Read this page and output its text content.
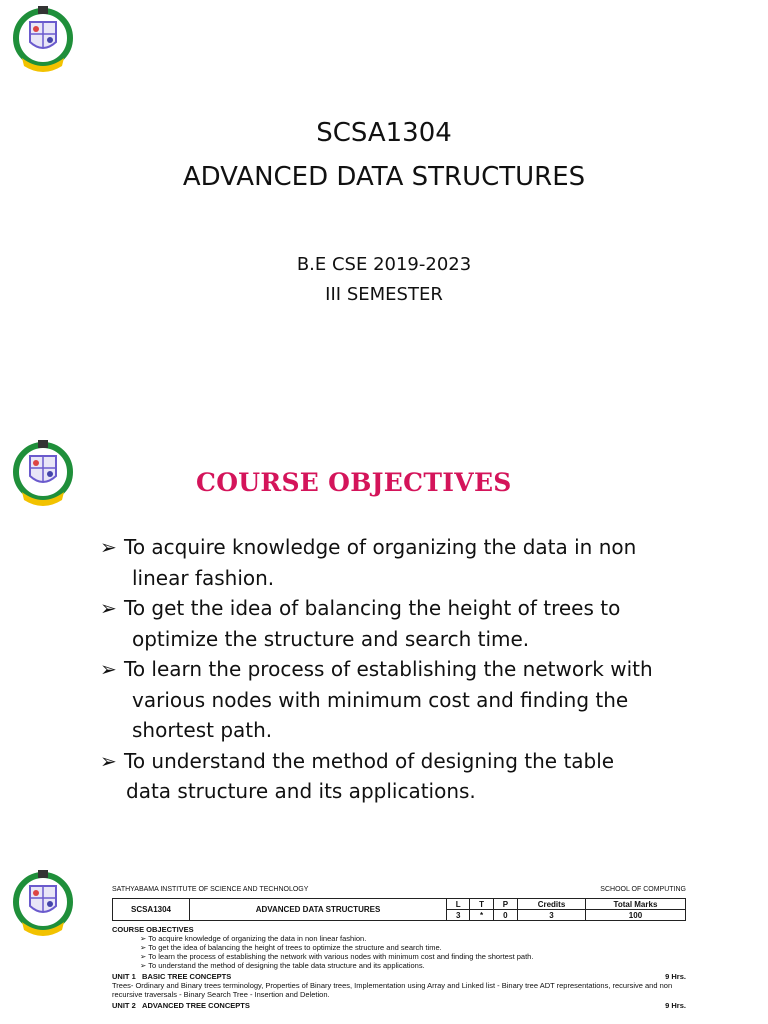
SCSA1304
ADVANCED DATA STRUCTURES
B.E CSE 2019-2023
III SEMESTER
COURSE OBJECTIVES
➢ To acquire knowledge of organizing the data in non
linear fashion.
➢ To get the idea of balancing the height of trees to
optimize the structure and search time.
➢ To learn the process of establishing the network with
various nodes with minimum cost and finding the
shortest path.
➢ To understand the method of designing the table
data structure and its applications.
SATHYABAMA INSTITUTE OF SCIENCE AND TECHNOLOGY	SCHOOL OF COMPUTING
SCSA1304	ADVANCED DATA STRUCTURES	L	T	P	Credits	Total Marks
		3	*	0	3	100
COURSE OBJECTIVES
➢ To acquire knowledge of organizing the data in non linear fashion.
➢ To get the idea of balancing the height of trees to optimize the structure and search time.
➢ To learn the process of establishing the network with various nodes with minimum cost and finding the shortest path.
➢ To understand the method of designing the table data structure and its applications.
UNIT 1 BASIC TREE CONCEPTS	9 Hrs.
Trees- Ordinary and Binary trees terminology, Properties of Binary trees, Implementation using Array and Linked list - Binary tree ADT representations, recursive and non recursive traversals - Binary Search Tree - Insertion and Deletion.
UNIT 2 ADVANCED TREE CONCEPTS	9 Hrs.
